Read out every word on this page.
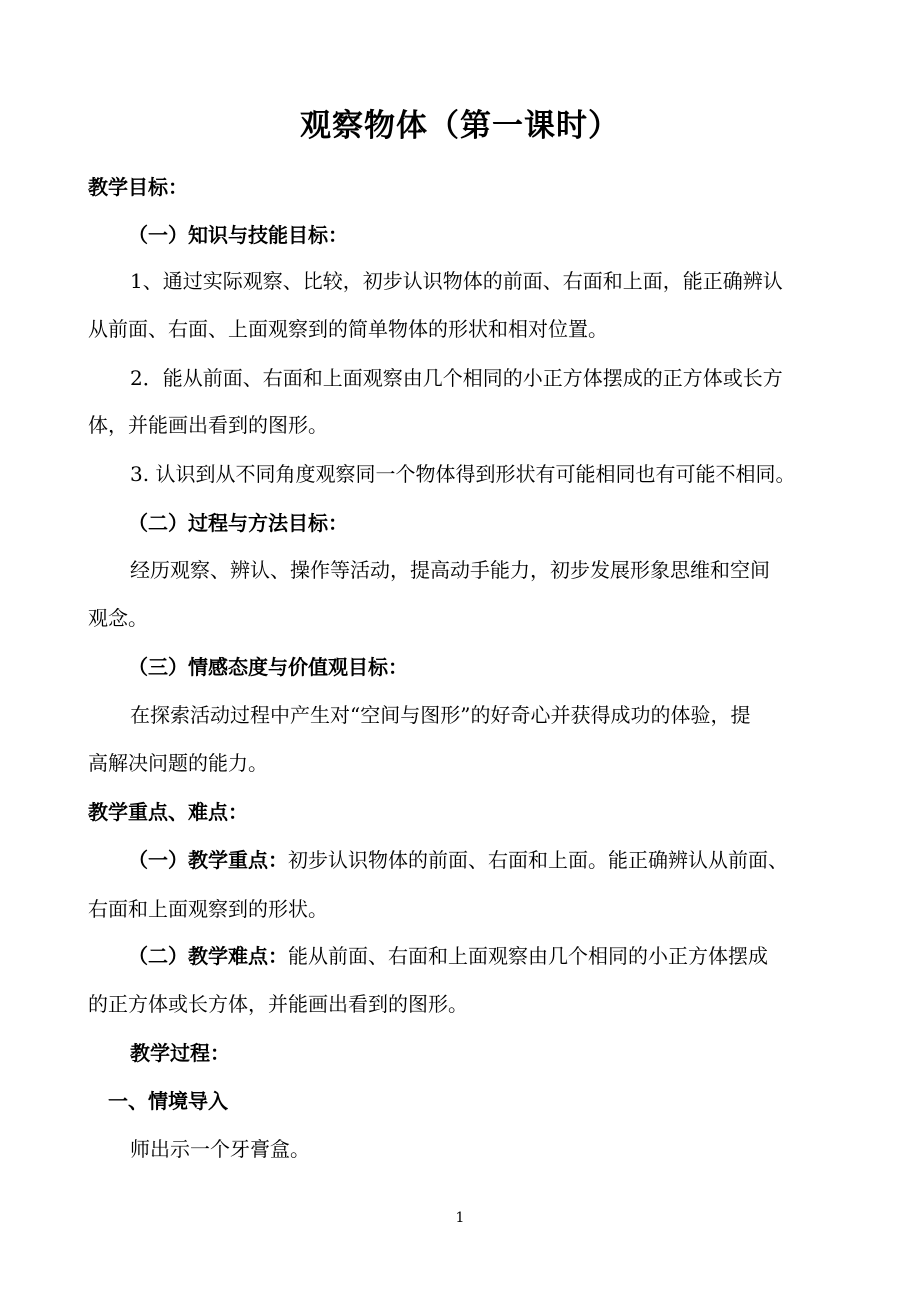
观察物体（第一课时）
教学目标：
（一）知识与技能目标：
1、通过实际观察、比较，初步认识物体的前面、右面和上面，能正确辨认
从前面、右面、上面观察到的简单物体的形状和相对位置。
2．能从前面、右面和上面观察由几个相同的小正方体摆成的正方体或长方
体，并能画出看到的图形。
3. 认识到从不同角度观察同一个物体得到形状有可能相同也有可能不相同。
（二）过程与方法目标：
经历观察、辨认、操作等活动，提高动手能力，初步发展形象思维和空间
观念。
（三）情感态度与价值观目标：
在探索活动过程中产生对“空间与图形”的好奇心并获得成功的体验，提
高解决问题的能力。
教学重点、难点：
（一）教学重点：初步认识物体的前面、右面和上面。能正确辨认从前面、
右面和上面观察到的形状。
（二）教学难点：能从前面、右面和上面观察由几个相同的小正方体摆成
的正方体或长方体，并能画出看到的图形。
教学过程：
一、情境导入
师出示一个牙膏盒。
1
